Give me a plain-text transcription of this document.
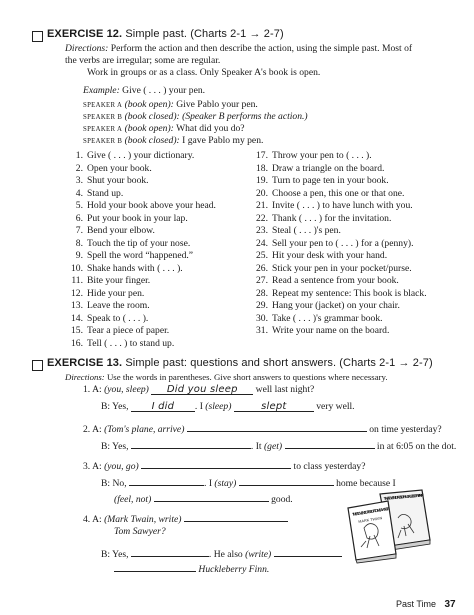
EXERCISE 12. Simple past. (Charts 2-1 → 2-7)
Directions: Perform the action and then describe the action, using the simple past. Most of
the verbs are irregular; some are regular.
Work in groups or as a class. Only Speaker A's book is open.
Example: Give ( . . . ) your pen.
SPEAKER A (book open): Give Pablo your pen.
SPEAKER B (book closed): (Speaker B performs the action.)
SPEAKER A (book open): What did you do?
SPEAKER B (book closed): I gave Pablo my pen.
1. Give ( . . . ) your dictionary.
2. Open your book.
3. Shut your book.
4. Stand up.
5. Hold your book above your head.
6. Put your book in your lap.
7. Bend your elbow.
8. Touch the tip of your nose.
9. Spell the word “happened.”
10. Shake hands with ( . . . ).
11. Bite your finger.
12. Hide your pen.
13. Leave the room.
14. Speak to ( . . . ).
15. Tear a piece of paper.
16. Tell ( . . . ) to stand up.
17. Throw your pen to ( . . . ).
18. Draw a triangle on the board.
19. Turn to page ten in your book.
20. Choose a pen, this one or that one.
21. Invite ( . . . ) to have lunch with you.
22. Thank ( . . . ) for the invitation.
23. Steal ( . . . )'s pen.
24. Sell your pen to ( . . . ) for a (penny).
25. Hit your desk with your hand.
26. Stick your pen in your pocket/purse.
27. Read a sentence from your book.
28. Repeat my sentence: This book is black.
29. Hang your (jacket) on your chair.
30. Take ( . . . )'s grammar book.
31. Write your name on the board.
EXERCISE 13. Simple past: questions and short answers. (Charts 2-1 → 2-7)
Directions: Use the words in parentheses. Give short answers to questions where necessary.
1. A: (you, sleep) Did you sleep well last night?
B: Yes, I did . I (sleep)	slept	very well.
2. A: (Tom's plane, arrive)	on time yesterday?
B: Yes,	. It (get)	in at 6:05 on the dot.
3. A: (you, go)	to class yesterday?
B: No,	. I (stay)	home because I
(feel, not)	good.
4. A: (Mark Twain, write)
Tom Sawyer?
B: Yes,	. He also (write)
Huckleberry Finn.
THE ADVENTURES OF HUCKLEBERRY FINN
THE ADVENTURES OF TOM SAWYER
MARK TWAIN
Past Time 37
